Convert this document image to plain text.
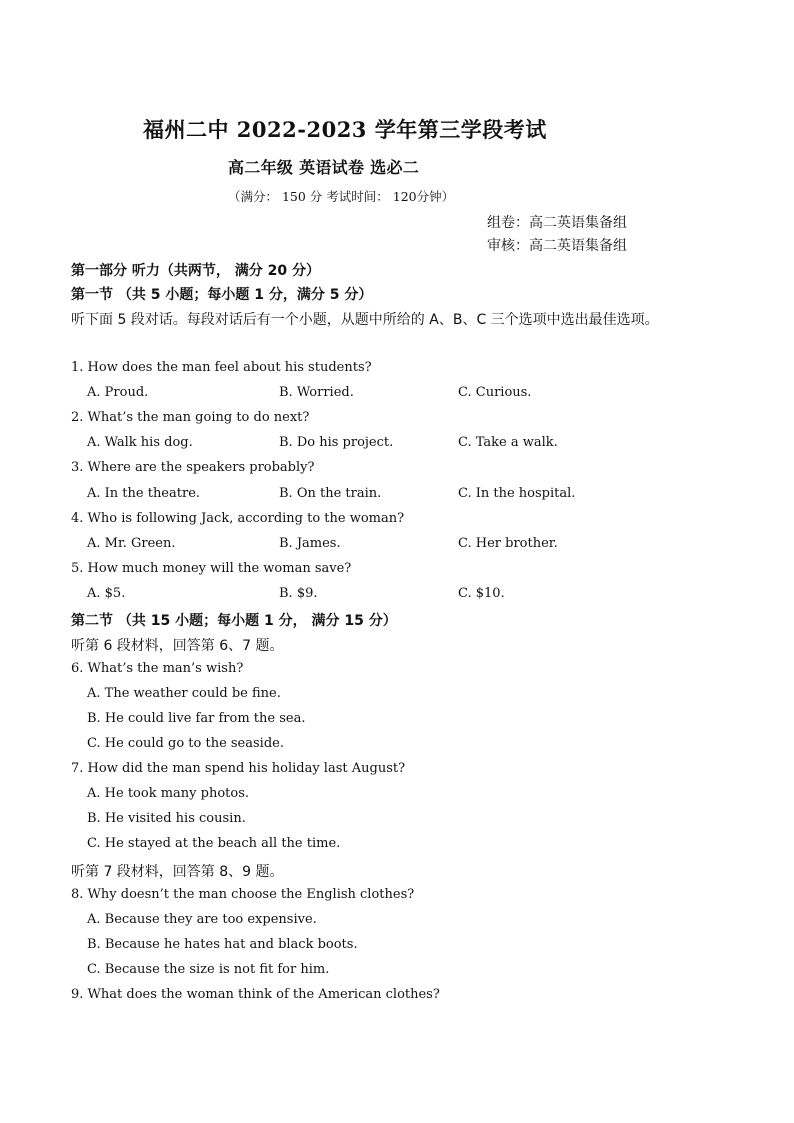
福州二中 2022-2023 学年第三学段考试
高二年级 英语试卷 选必二
（满分： 150 分 考试时间： 120分钟）
组卷：高二英语集备组
审核：高二英语集备组
第一部分 听力（共两节， 满分 20 分）
第一节 （共 5 小题；每小题 1 分，满分 5 分）
听下面 5 段对话。每段对话后有一个小题，从题中所给的 A、B、C 三个选项中选出最佳选项。
1. How does the man feel about his students?
A. Proud.	B. Worried.	C. Curious.
2. What’s the man going to do next?
A. Walk his dog.	B. Do his project.	C. Take a walk.
3. Where are the speakers probably?
A. In the theatre.	B. On the train.	C. In the hospital.
4. Who is following Jack, according to the woman?
A. Mr. Green.	B. James.	C. Her brother.
5. How much money will the woman save?
A. $5.	B. $9.	C. $10.
第二节 （共 15 小题；每小题 1 分， 满分 15 分）
听第 6 段材料，回答第 6、7 题。
6. What’s the man’s wish?
A. The weather could be fine.
B. He could live far from the sea.
C. He could go to the seaside.
7. How did the man spend his holiday last August?
A. He took many photos.
B. He visited his cousin.
C. He stayed at the beach all the time.
听第 7 段材料，回答第 8、9 题。
8. Why doesn’t the man choose the English clothes?
A. Because they are too expensive.
B. Because he hates hat and black boots.
C. Because the size is not fit for him.
9. What does the woman think of the American clothes?
